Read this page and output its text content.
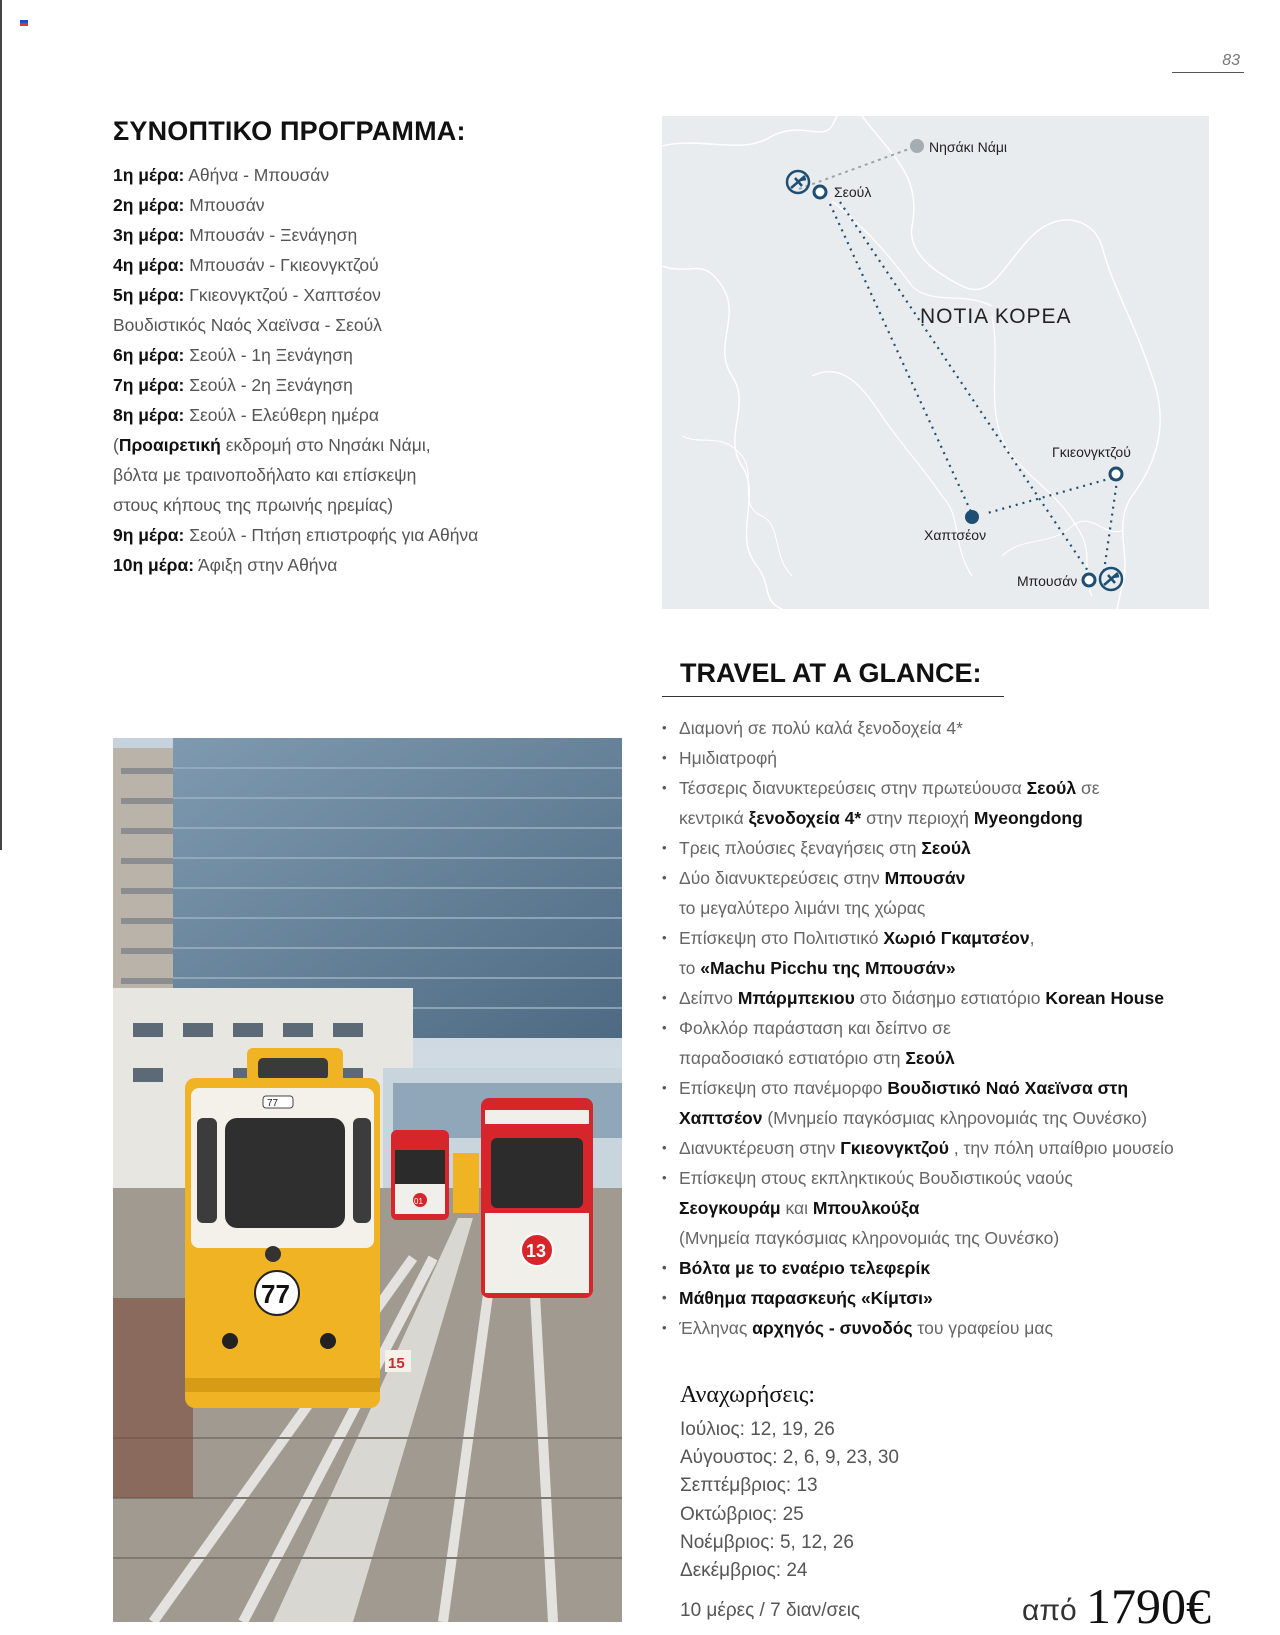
83
ΣΥΝΟΠΤΙΚΟ ΠΡΟΓΡΑΜΜΑ:
1η μέρα: Αθήνα - Μπουσάν
2η μέρα: Μπουσάν
3η μέρα: Μπουσάν - Ξενάγηση
4η μέρα: Μπουσάν - Γκιεονγκτζού
5η μέρα: Γκιεονγκτζού - Χαπτσέον
Βουδιστικός Ναός Χαεϊνσα - Σεούλ
6η μέρα: Σεούλ - 1η Ξενάγηση
7η μέρα: Σεούλ - 2η Ξενάγηση
8η μέρα: Σεούλ - Ελεύθερη ημέρα
(Προαιρετική εκδρομή στο Νησάκι Νάμι,
βόλτα με τραινοποδήλατο και επίσκεψη
στους κήπους της πρωινής ηρεμίας)
9η μέρα: Σεούλ - Πτήση επιστροφής για Αθήνα
10η μέρα: Άφιξη στην Αθήνα
Νησάκι Νάμι
Σεούλ
ΝΟΤΙΑ ΚΟΡΕΑ
Γκιεονγκτζού
Χαπτσέον
Μπουσάν
TRAVEL AT A GLANCE:
• Διαμονή σε πολύ καλά ξενοδοχεία 4*
• Ημιδιατροφή
• Τέσσερις διανυκτερεύσεις στην πρωτεύουσα Σεούλ σε
κεντρικά ξενοδοχεία 4* στην περιοχή Myeongdong
• Τρεις πλούσιες ξεναγήσεις στη Σεούλ
• Δύο διανυκτερεύσεις στην Μπουσάν
το μεγαλύτερο λιμάνι της χώρας
• Επίσκεψη στο Πολιτιστικό Χωριό Γκαμτσέον,
το «Machu Picchu της Μπουσάν»
• Δείπνο Μπάρμπεκιου στο διάσημο εστιατόριο Korean House
• Φολκλόρ παράσταση και δείπνο σε
παραδοσιακό εστιατόριο στη Σεούλ
• Επίσκεψη στο πανέμορφο Βουδιστικό Ναό Χαεϊνσα στη
Χαπτσέον (Μνημείο παγκόσμιας κληρονομιάς της Ουνέσκο)
• Διανυκτέρευση στην Γκιεονγκτζού , την πόλη υπαίθριο μουσείο
• Επίσκεψη στους εκπληκτικούς Βουδιστικούς ναούς
Σεογκουράμ και Μπουλκούξα
(Μνημεία παγκόσμιας κληρονομιάς της Ουνέσκο)
• Βόλτα με το εναέριο τελεφερίκ
• Μάθημα παρασκευής «Κίμτσι»
• Έλληνας αρχηγός - συνοδός του γραφείου μας
01
13
77
77
15
Αναχωρήσεις:
Ιούλιος: 12, 19, 26
Αύγουστος: 2, 6, 9, 23, 30
Σεπτέμβριος: 13
Οκτώβριος: 25
Νοέμβριος: 5, 12, 26
Δεκέμβριος: 24
10 μέρες / 7 διαν/σεις	από 1790€
